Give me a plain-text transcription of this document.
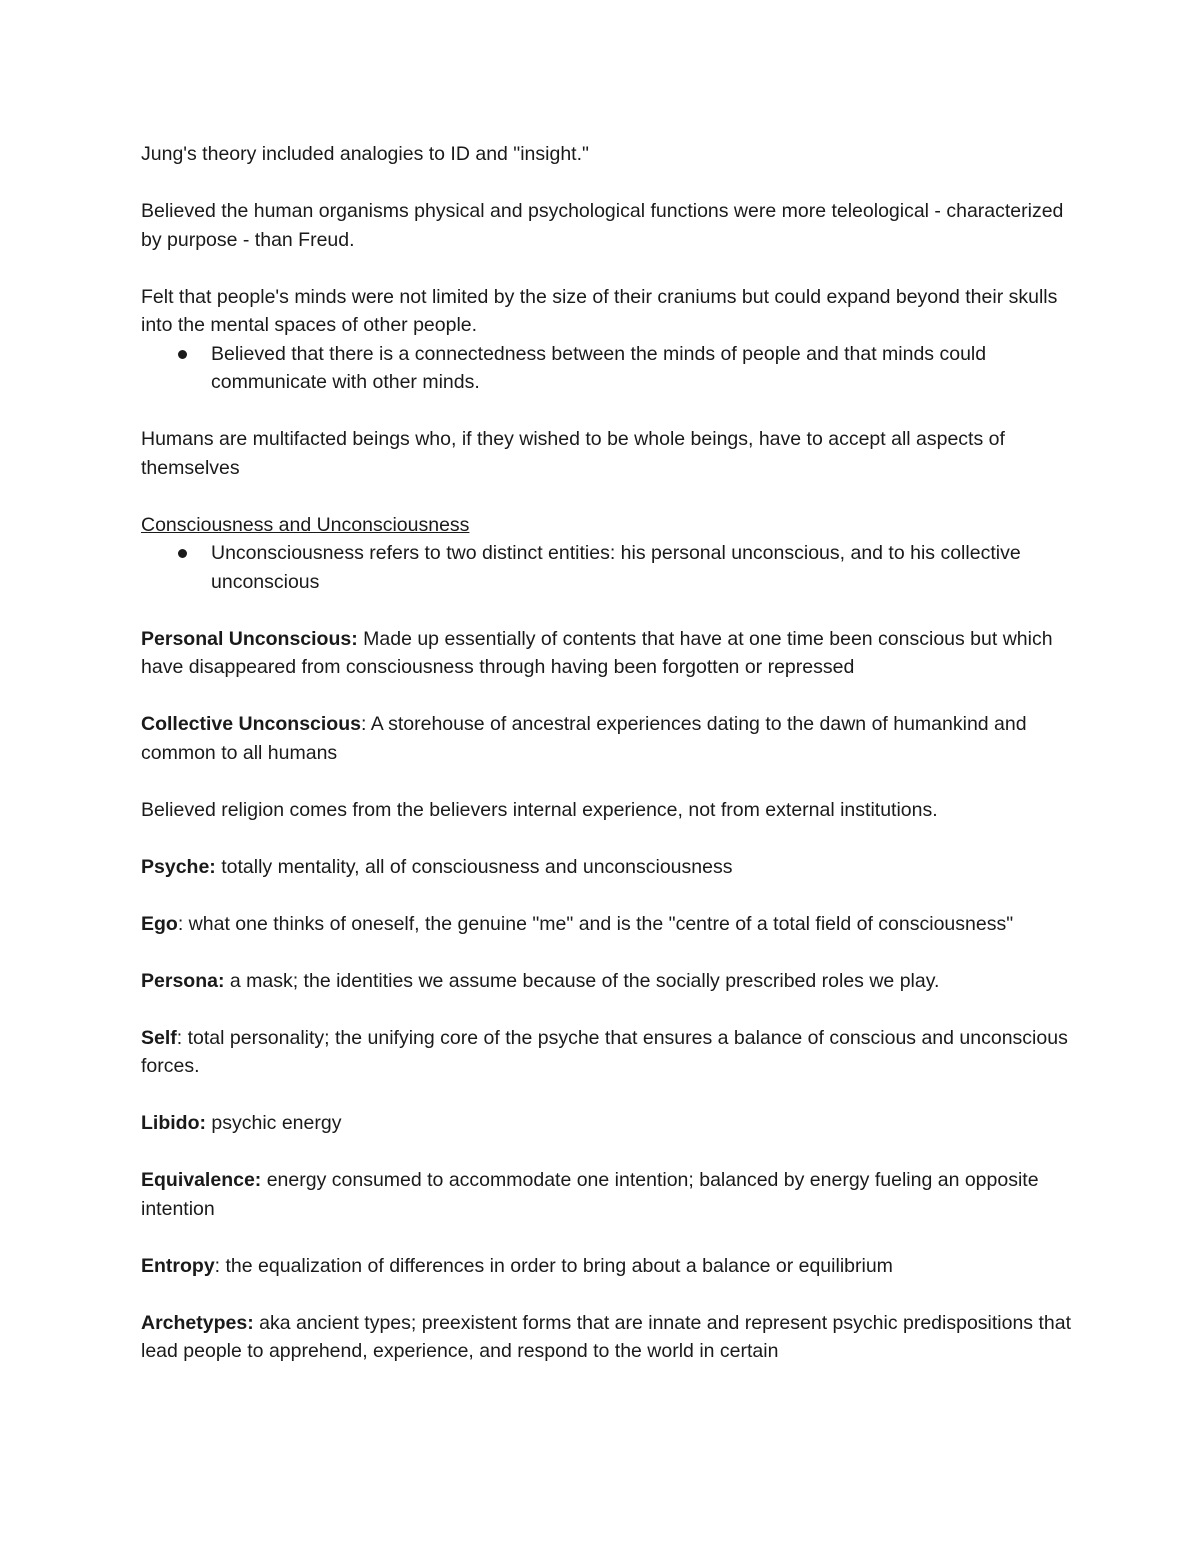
Jung's theory included analogies to ID and "insight."

Believed the human organisms physical and psychological functions were more teleological - characterized by purpose - than Freud.

Felt that people's minds were not limited by the size of their craniums but could expand beyond their skulls into the mental spaces of other people.

Believed that there is a connectedness between the minds of people and that minds could communicate with other minds.

Humans are multifacted beings who, if they wished to be whole beings, have to accept all aspects of themselves

Consciousness and Unconsciousness

Unconsciousness refers to two distinct entities: his personal unconscious, and to his collective unconscious

Personal Unconscious: Made up essentially of contents that have at one time been conscious but which have disappeared from consciousness through having been forgotten or repressed

Collective Unconscious: A storehouse of ancestral experiences dating to the dawn of humankind and common to all humans

Believed religion comes from the believers internal experience, not from external institutions.

Psyche: totally mentality, all of consciousness and unconsciousness

Ego: what one thinks of oneself, the genuine "me" and is the "centre of a total field of consciousness"

Persona: a mask; the identities we assume because of the socially prescribed roles we play.

Self: total personality; the unifying core of the psyche that ensures a balance of conscious and unconscious forces.

Libido: psychic energy

Equivalence: energy consumed to accommodate one intention; balanced by energy fueling an opposite intention

Entropy: the equalization of differences in order to bring about a balance or equilibrium

Archetypes: aka ancient types; preexistent forms that are innate and represent psychic predispositions that lead people to apprehend, experience, and respond to the world in certain
